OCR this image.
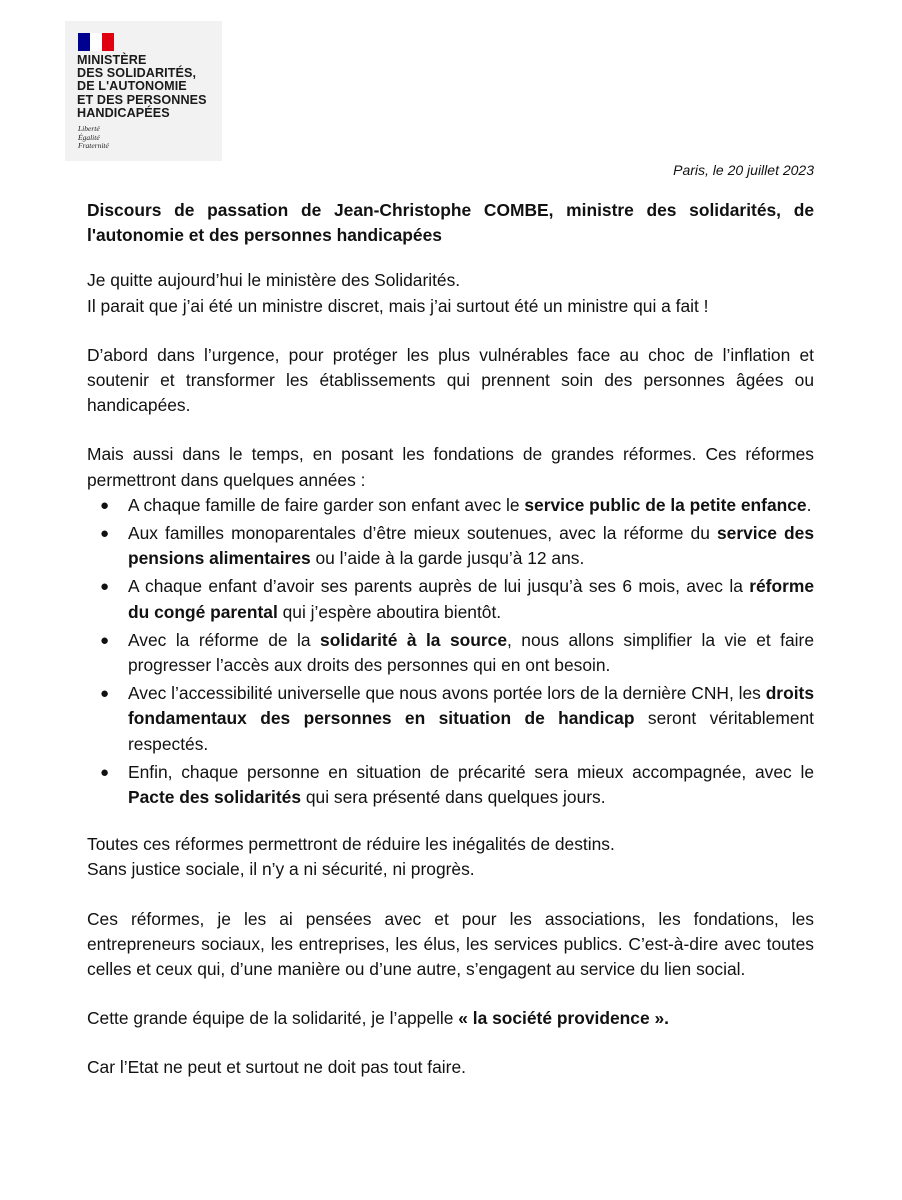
MINISTÈRE
DES SOLIDARITÉS,
DE L'AUTONOMIE
ET DES PERSONNES
HANDICAPÉES
Liberté
Égalité
Fraternité
Paris, le 20 juillet 2023

Discours de passation de Jean-Christophe COMBE, ministre des solidarités, de l'autonomie et des personnes handicapées

Je quitte aujourd’hui le ministère des Solidarités.
Il parait que j’ai été un ministre discret, mais j’ai surtout été un ministre qui a fait !

D’abord dans l’urgence, pour protéger les plus vulnérables face au choc de l’inflation et soutenir et transformer les établissements qui prennent soin des personnes âgées ou handicapées.

Mais aussi dans le temps, en posant les fondations de grandes réformes. Ces réformes permettront dans quelques années :

● A chaque famille de faire garder son enfant avec le service public de la petite enfance.
● Aux familles monoparentales d’être mieux soutenues, avec la réforme du service des pensions alimentaires ou l’aide à la garde jusqu’à 12 ans.
● A chaque enfant d’avoir ses parents auprès de lui jusqu’à ses 6 mois, avec la réforme du congé parental qui j’espère aboutira bientôt.
● Avec la réforme de la solidarité à la source, nous allons simplifier la vie et faire progresser l’accès aux droits des personnes qui en ont besoin.
● Avec l’accessibilité universelle que nous avons portée lors de la dernière CNH, les droits fondamentaux des personnes en situation de handicap seront véritablement respectés.
● Enfin, chaque personne en situation de précarité sera mieux accompagnée, avec le Pacte des solidarités qui sera présenté dans quelques jours.

Toutes ces réformes permettront de réduire les inégalités de destins.
Sans justice sociale, il n’y a ni sécurité, ni progrès.

Ces réformes, je les ai pensées avec et pour les associations, les fondations, les entrepreneurs sociaux, les entreprises, les élus, les services publics. C’est-à-dire avec toutes celles et ceux qui, d’une manière ou d’une autre, s’engagent au service du lien social.

Cette grande équipe de la solidarité, je l’appelle « la société providence ».

Car l’Etat ne peut et surtout ne doit pas tout faire.
